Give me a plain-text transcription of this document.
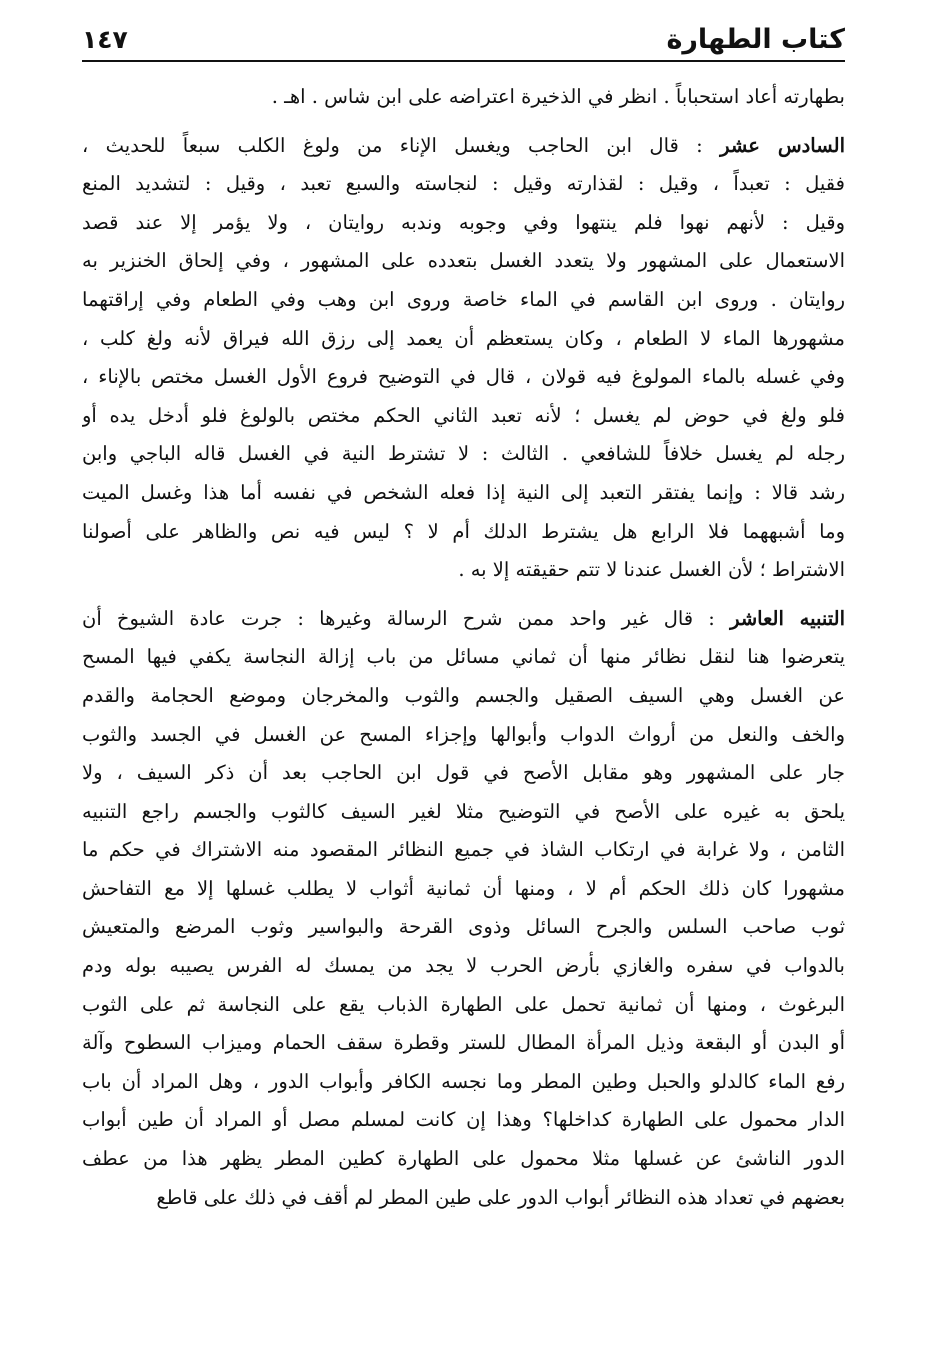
كتاب الطهارة
١٤٧
بطهارته أعاد استحباباً . انظر في الذخيرة اعتراضه على ابن شاس . اهـ .
السادس عشر : قال ابن الحاجب ويغسل الإناء من ولوغ الكلب سبعاً للحديث ،
فقيل : تعبداً ، وقيل : لقذارته وقيل : لنجاسته والسبع تعبد ، وقيل : لتشديد المنع
وقيل : لأنهم نهوا فلم ينتهوا وفي وجوبه وندبه روايتان ، ولا يؤمر إلا عند قصد
الاستعمال على المشهور ولا يتعدد الغسل بتعدده على المشهور ، وفي إلحاق الخنزير به
روايتان . وروى ابن القاسم في الماء خاصة وروى ابن وهب وفي الطعام وفي إراقتهما
مشهورها الماء لا الطعام ، وكان يستعظم أن يعمد إلى رزق الله فيراق لأنه ولغ كلب ،
وفي غسله بالماء المولوغ فيه قولان ، قال في التوضيح فروع الأول الغسل مختص بالإناء ،
فلو ولغ في حوض لم يغسل ؛ لأنه تعبد الثاني الحكم مختص بالولوغ فلو أدخل يده أو
رجله لم يغسل خلافاً للشافعي . الثالث : لا تشترط النية في الغسل قاله الباجي وابن
رشد قالا : وإنما يفتقر التعبد إلى النية إذا فعله الشخص في نفسه أما هذا وغسل الميت
وما أشبههما فلا الرابع هل يشترط الدلك أم لا ؟ ليس فيه نص والظاهر على أصولنا
الاشتراط ؛ لأن الغسل عندنا لا تتم حقيقته إلا به .
التنبيه العاشر : قال غير واحد ممن شرح الرسالة وغيرها : جرت عادة الشيوخ أن
يتعرضوا هنا لنقل نظائر منها أن ثماني مسائل من باب إزالة النجاسة يكفي فيها المسح
عن الغسل وهي السيف الصقيل والجسم والثوب والمخرجان وموضع الحجامة والقدم
والخف والنعل من أرواث الدواب وأبوالها وإجزاء المسح عن الغسل في الجسد والثوب
جار على المشهور وهو مقابل الأصح في قول ابن الحاجب بعد أن ذكر السيف ، ولا
يلحق به غيره على الأصح في التوضيح مثلا لغير السيف كالثوب والجسم راجع التنبيه
الثامن ، ولا غرابة في ارتكاب الشاذ في جميع النظائر المقصود منه الاشتراك في حكم ما
مشهورا كان ذلك الحكم أم لا ، ومنها أن ثمانية أثواب لا يطلب غسلها إلا مع التفاحش
ثوب صاحب السلس والجرح السائل وذوى القرحة والبواسير وثوب المرضع والمتعيش
بالدواب في سفره والغازي بأرض الحرب لا يجد من يمسك له الفرس يصيبه بوله ودم
البرغوث ، ومنها أن ثمانية تحمل على الطهارة الذباب يقع على النجاسة ثم على الثوب
أو البدن أو البقعة وذيل المرأة المطال للستر وقطرة سقف الحمام وميزاب السطوح وآلة
رفع الماء كالدلو والحبل وطين المطر وما نجسه الكافر وأبواب الدور ، وهل المراد أن باب
الدار محمول على الطهارة كداخلها؟ وهذا إن كانت لمسلم مصل أو المراد أن طين أبواب
الدور الناشئ عن غسلها مثلا محمول على الطهارة كطين المطر يظهر هذا من عطف
بعضهم في تعداد هذه النظائر أبواب الدور على طين المطر لم أقف في ذلك على قاطع
